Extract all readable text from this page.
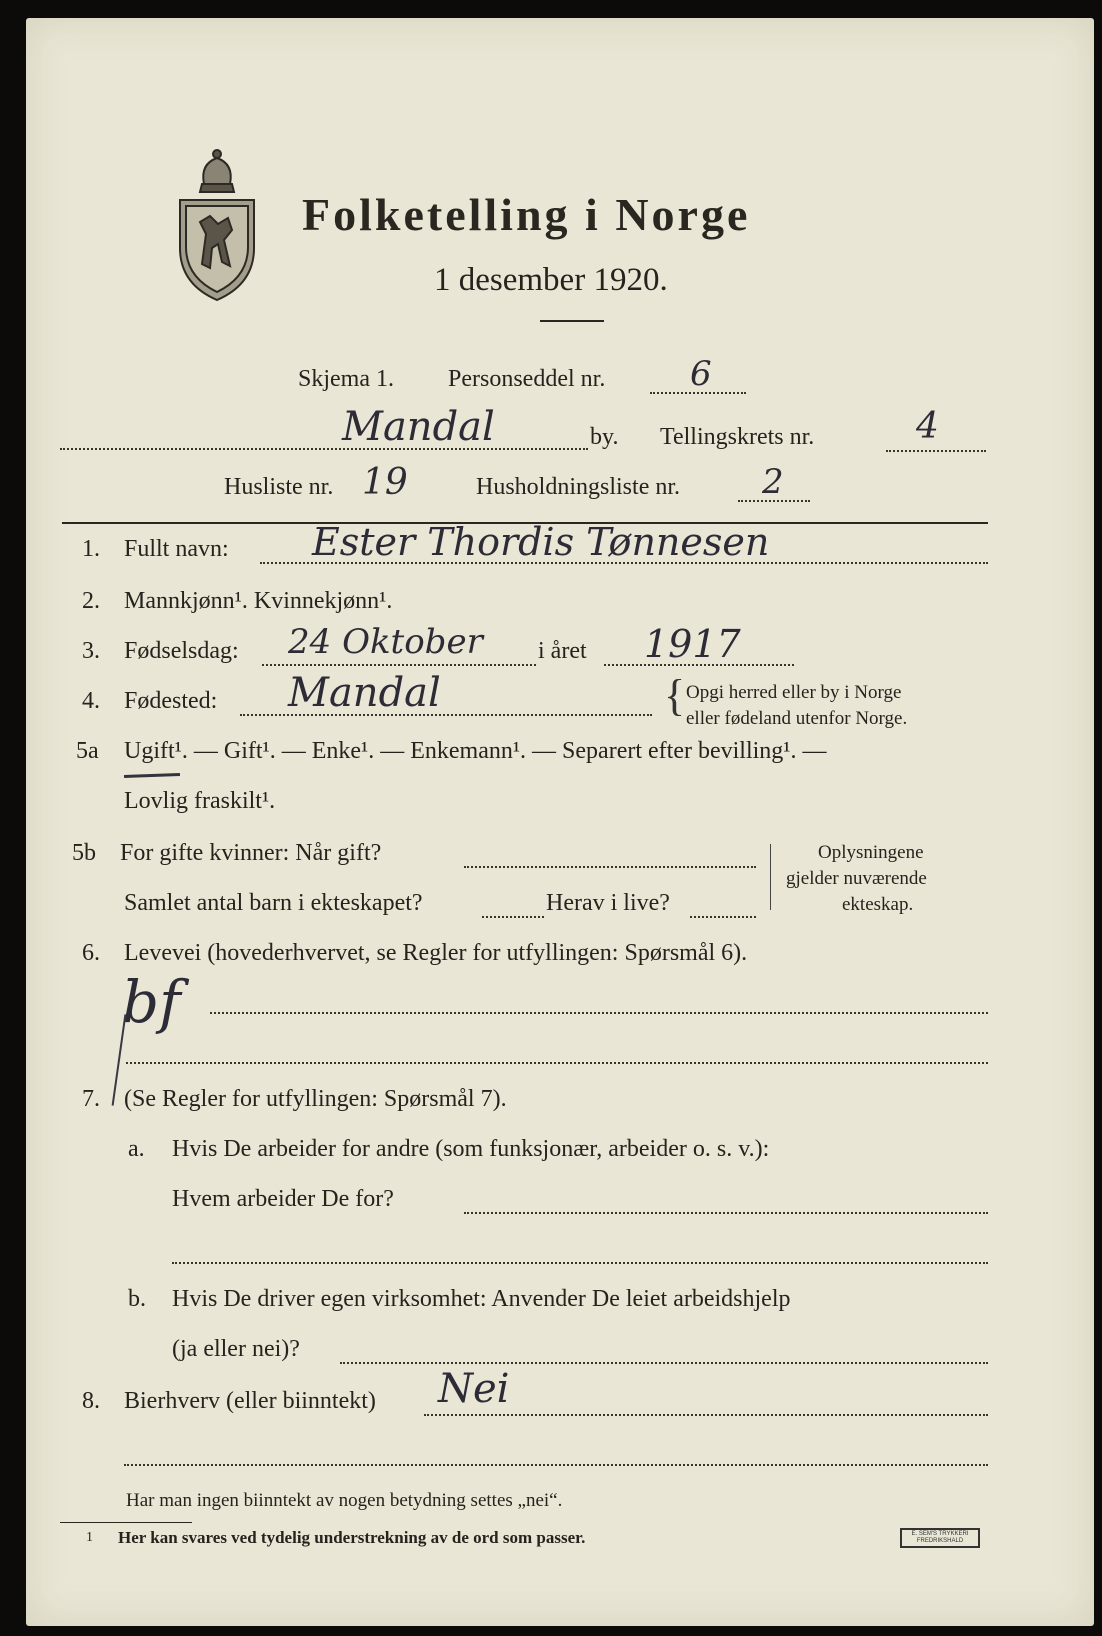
Folketelling i Norge
1 desember 1920.
Skjema 1. Personseddel nr. 6
Mandal	by. Tellingskrets nr.	4
Husliste nr. 19	Husholdningsliste nr. 2
1. Fullt navn: Ester Thordis Tønnesen
2. Mannkjønn¹. Kvinnekjønn¹.
3. Fødselsdag: 24 Oktober i året 1917
4. Fødested: Mandal	{ Opgi herred eller by i Norge
eller fødeland utenfor Norge.
5a Ugift¹. — Gift¹. — Enke¹. — Enkemann¹. — Separert efter bevilling¹. —
Lovlig fraskilt¹.
5b For gifte kvinner: Når gift?
Samlet antal barn i ekteskapet?	Herav i live?
Oplysningene
gjelder nuværende
ekteskap.
6. Levevei (hovederhvervet, se Regler for utfyllingen: Spørsmål 6).
bf
7. (Se Regler for utfyllingen: Spørsmål 7).
a. Hvis De arbeider for andre (som funksjonær, arbeider o. s. v.):
Hvem arbeider De for?
b. Hvis De driver egen virksomhet: Anvender De leiet arbeidshjelp
(ja eller nei)?
8. Bierhverv (eller biinntekt) Nei
Har man ingen biinntekt av nogen betydning settes „nei“.
1 Her kan svares ved tydelig understrekning av de ord som passer.	E. SEM'S TRYKKERI
FREDRIKSHALD
